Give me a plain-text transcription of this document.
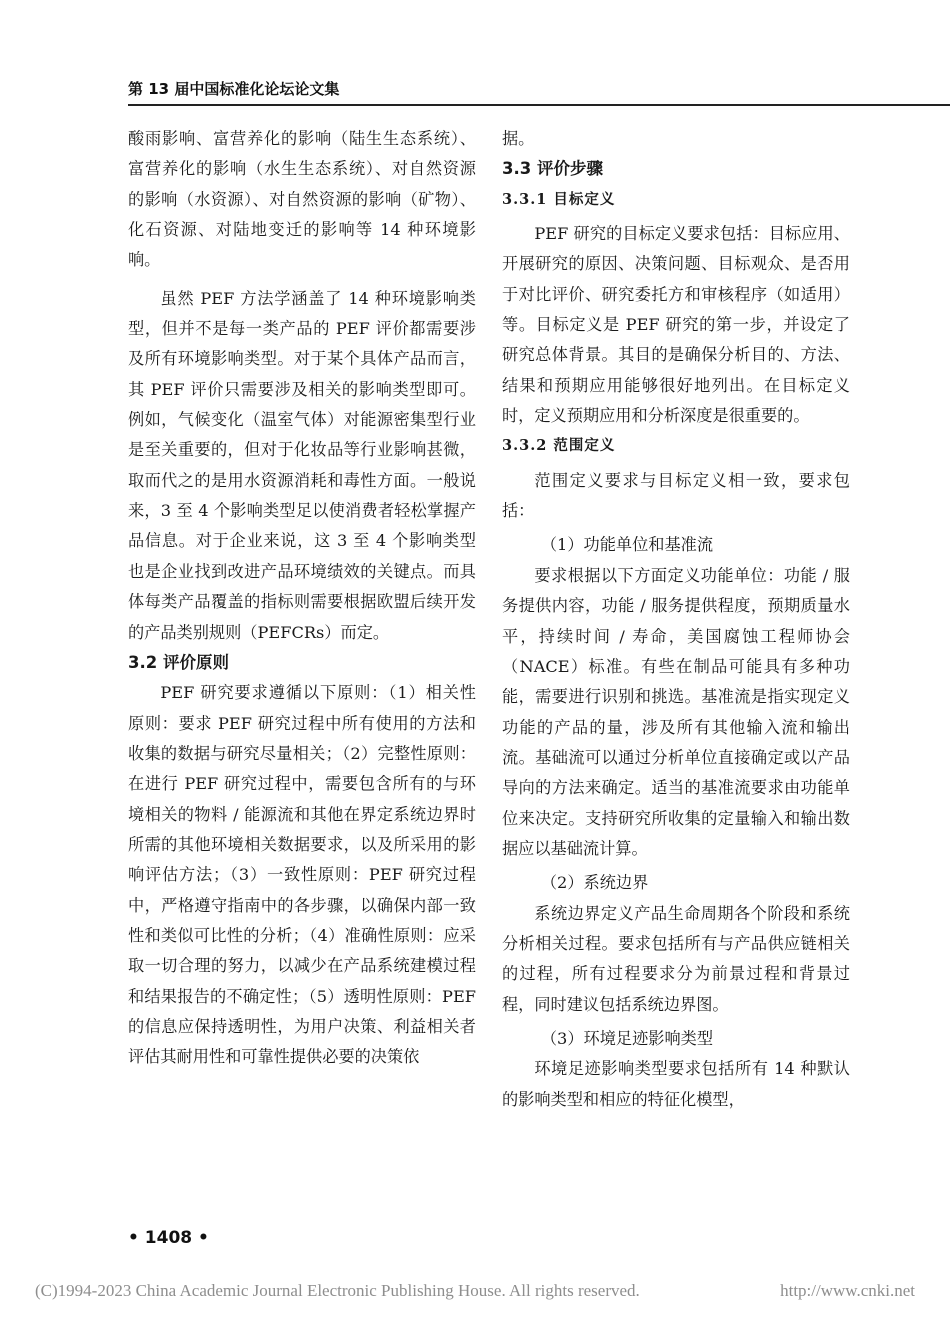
第 13 届中国标准化论坛论文集

酸雨影响、富营养化的影响（陆生生态系统）、富营养化的影响（水生生态系统）、对自然资源的影响（水资源）、对自然资源的影响（矿物）、化石资源、对陆地变迁的影响等 14 种环境影响。

虽然 PEF 方法学涵盖了 14 种环境影响类型，但并不是每一类产品的 PEF 评价都需要涉及所有环境影响类型。对于某个具体产品而言，其 PEF 评价只需要涉及相关的影响类型即可。例如，气候变化（温室气体）对能源密集型行业是至关重要的，但对于化妆品等行业影响甚微，取而代之的是用水资源消耗和毒性方面。一般说来，3 至 4 个影响类型足以使消费者轻松掌握产品信息。对于企业来说，这 3 至 4 个影响类型也是企业找到改进产品环境绩效的关键点。而具体每类产品覆盖的指标则需要根据欧盟后续开发的产品类别规则（PEFCRs）而定。

3.2 评价原则

PEF 研究要求遵循以下原则：（1）相关性原则：要求 PEF 研究过程中所有使用的方法和收集的数据与研究尽量相关；（2）完整性原则：在进行 PEF 研究过程中，需要包含所有的与环境相关的物料 / 能源流和其他在界定系统边界时所需的其他环境相关数据要求，以及所采用的影响评估方法；（3）一致性原则：PEF 研究过程中，严格遵守指南中的各步骤，以确保内部一致性和类似可比性的分析；（4）准确性原则：应采取一切合理的努力，以减少在产品系统建模过程和结果报告的不确定性；（5）透明性原则：PEF 的信息应保持透明性，为用户决策、利益相关者评估其耐用性和可靠性提供必要的决策依

据。

3.3 评价步骤
3.3.1 目标定义

PEF 研究的目标定义要求包括：目标应用、开展研究的原因、决策问题、目标观众、是否用于对比评价、研究委托方和审核程序（如适用）等。目标定义是 PEF 研究的第一步，并设定了研究总体背景。其目的是确保分析目的、方法、结果和预期应用能够很好地列出。在目标定义时，定义预期应用和分析深度是很重要的。

3.3.2 范围定义

范围定义要求与目标定义相一致，要求包括：

（1）功能单位和基准流

要求根据以下方面定义功能单位：功能 / 服务提供内容，功能 / 服务提供程度，预期质量水平，持续时间 / 寿命，美国腐蚀工程师协会（NACE）标准。有些在制品可能具有多种功能，需要进行识别和挑选。基准流是指实现定义功能的产品的量，涉及所有其他输入流和输出流。基础流可以通过分析单位直接确定或以产品导向的方法来确定。适当的基准流要求由功能单位来决定。支持研究所收集的定量输入和输出数据应以基础流计算。

（2）系统边界

系统边界定义产品生命周期各个阶段和系统分析相关过程。要求包括所有与产品供应链相关的过程，所有过程要求分为前景过程和背景过程，同时建议包括系统边界图。

（3）环境足迹影响类型

环境足迹影响类型要求包括所有 14 种默认的影响类型和相应的特征化模型，

• 1408 •
(C)1994-2023 China Academic Journal Electronic Publishing House. All rights reserved.	http://www.cnki.net
